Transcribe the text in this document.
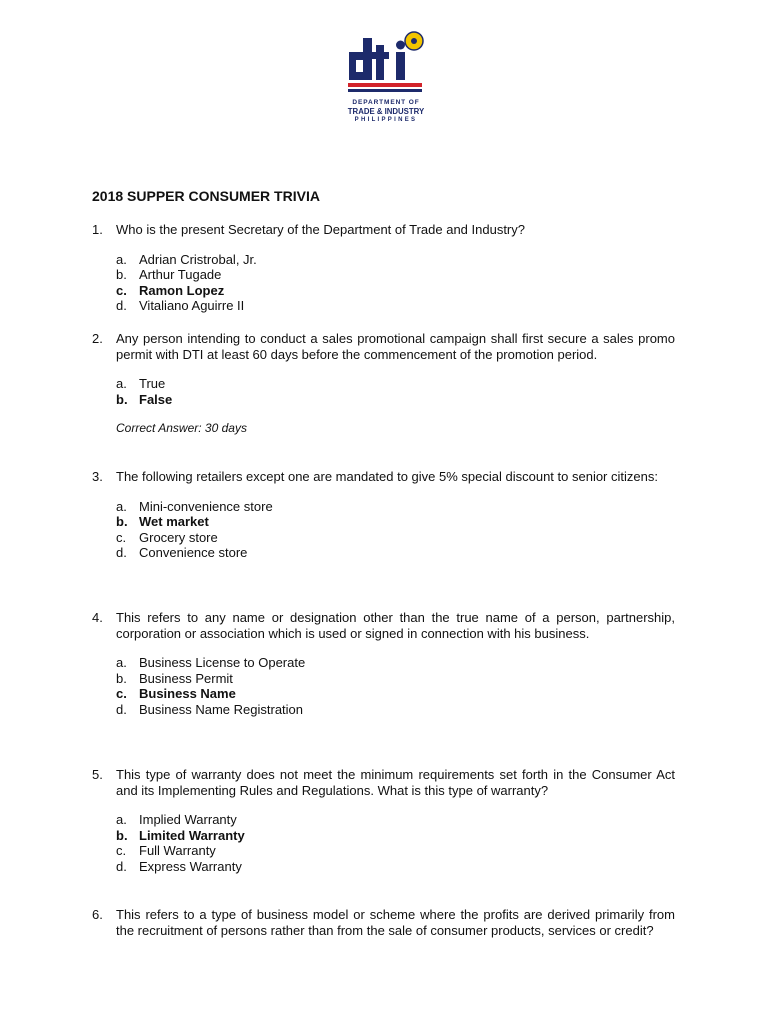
DEPARTMENT OF
TRADE & INDUSTRY
PHILIPPINES
2018 SUPPER CONSUMER TRIVIA
1.	Who is the present Secretary of the Department of Trade and Industry?
a. Adrian Cristrobal, Jr.
b. Arthur Tugade
c. Ramon Lopez
d. Vitaliano Aguirre II
2.	Any person intending to conduct a sales promotional campaign shall first secure a sales promo permit with DTI at least 60 days before the commencement of the promotion period.
a. True
b. False
Correct Answer: 30 days
3.	The following retailers except one are mandated to give 5% special discount to senior citizens:
a. Mini-convenience store
b. Wet market
c. Grocery store
d. Convenience store
4.	This refers to any name or designation other than the true name of a person, partnership, corporation or association which is used or signed in connection with his business.
a. Business License to Operate
b. Business Permit
c. Business Name
d. Business Name Registration
5.	This type of warranty does not meet the minimum requirements set forth in the Consumer Act and its Implementing Rules and Regulations. What is this type of warranty?
a. Implied Warranty
b. Limited Warranty
c. Full Warranty
d. Express Warranty
6.	This refers to a type of business model or scheme where the profits are derived primarily from the recruitment of persons rather than from the sale of consumer products, services or credit?
